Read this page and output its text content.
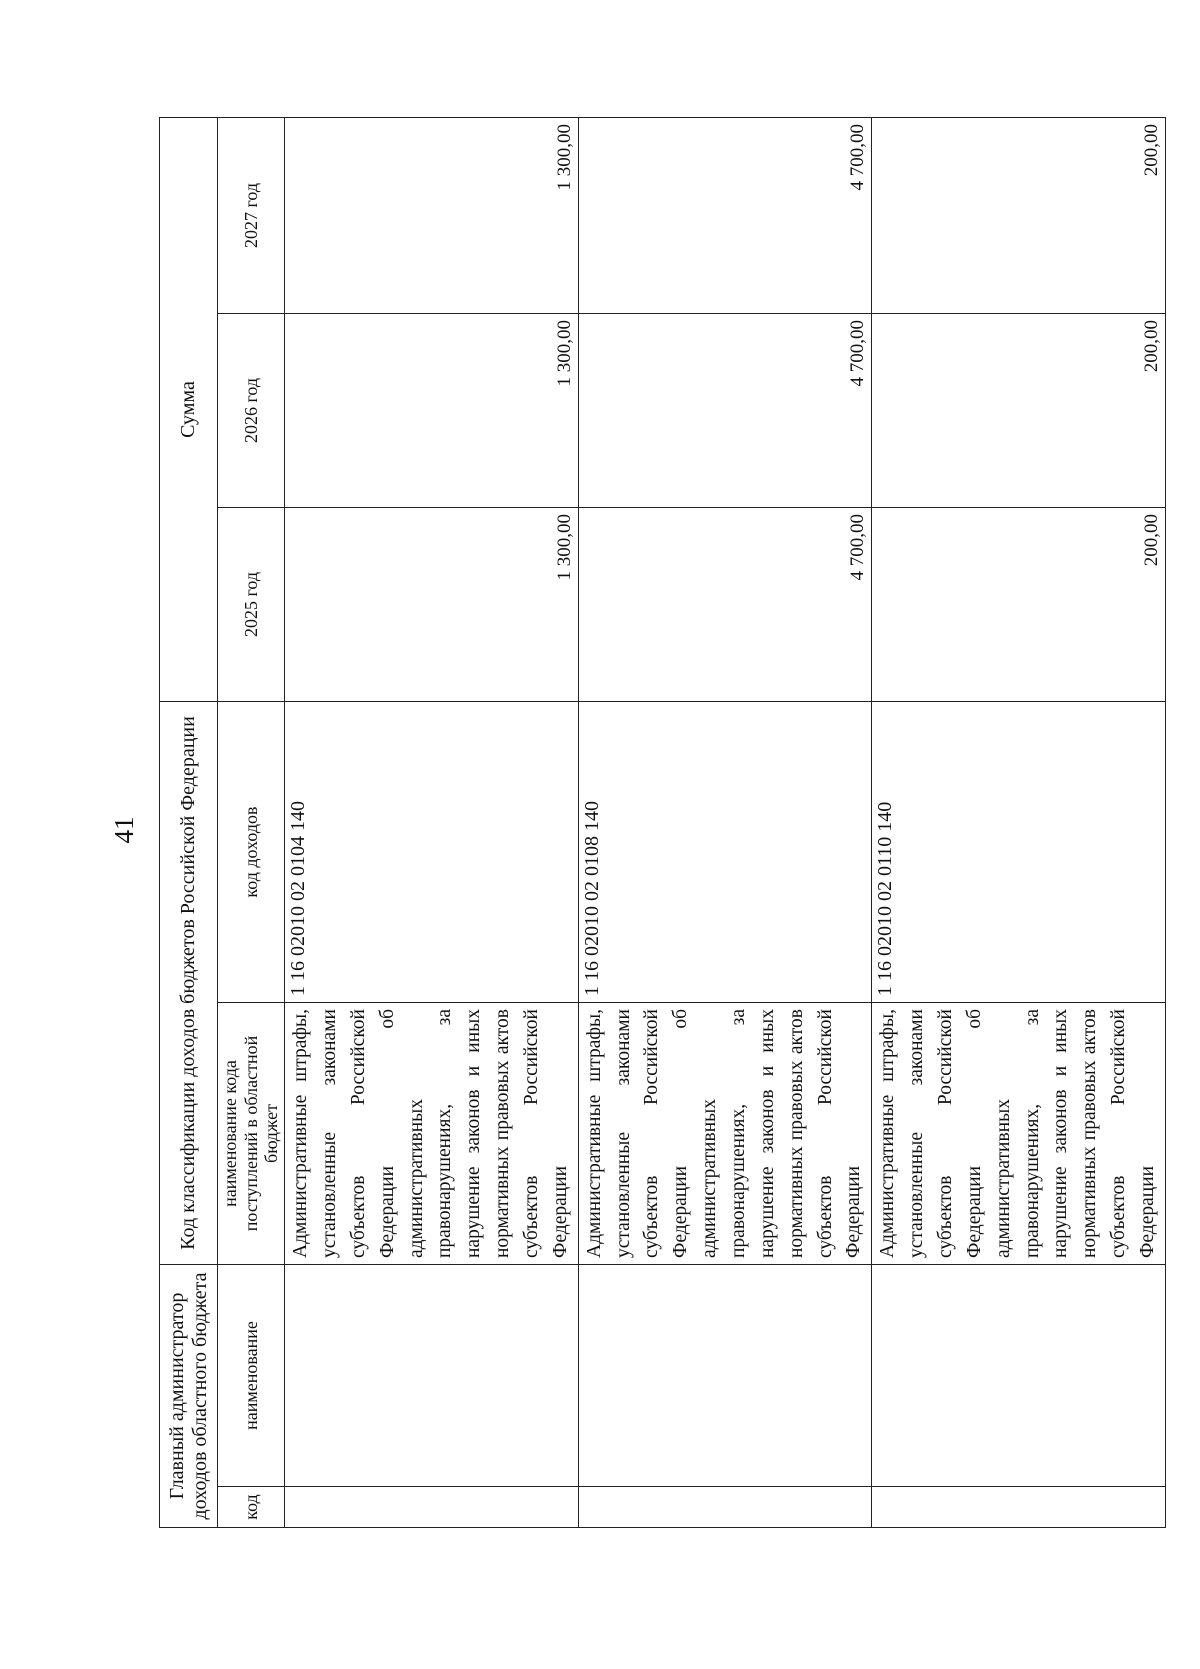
41
Главный администратор доходов областного бюджета		Код классификации доходов бюджетов Российской Федерации		Сумма		
код	наименование	наименование кода поступлений в областной бюджет	код доходов	2025 год	2026 год	2027 год
		Административные штрафы, установленные законами субъектов Российской Федерации об административных правонарушениях, за нарушение законов и иных нормативных правовых актов субъектов Российской Федерации	1 16 02010 02 0104 140	1 300,00	1 300,00	1 300,00
		Административные штрафы, установленные законами субъектов Российской Федерации об административных правонарушениях, за нарушение законов и иных нормативных правовых актов субъектов Российской Федерации	1 16 02010 02 0108 140	4 700,00	4 700,00	4 700,00
		Административные штрафы, установленные законами субъектов Российской Федерации об административных правонарушениях, за нарушение законов и иных нормативных правовых актов субъектов Российской Федерации	1 16 02010 02 0110 140	200,00	200,00	200,00
